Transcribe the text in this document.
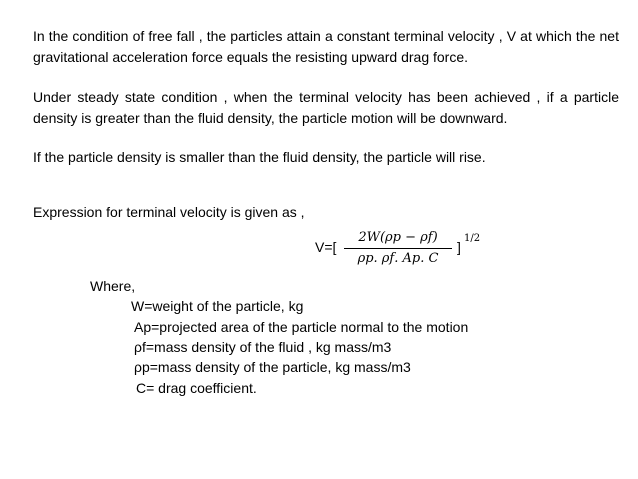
In the condition of free fall , the particles attain a constant terminal velocity , V at which the net gravitational acceleration force equals the resisting upward drag force.

Under steady state condition , when the terminal velocity has been achieved , if a particle density is greater than the fluid density, the particle motion will be downward.

If the particle density is smaller than the fluid density, the particle will rise.

Expression for terminal velocity is given as ,

V=[
2𝑊(𝜌𝑝 − 𝜌𝑓)
𝜌𝑝. 𝜌𝑓. 𝐴𝑝. 𝐶
]
1/2
Where,
W=weight of the particle, kg
Ap=projected area of the particle normal to the motion
ρf=mass density of the fluid , kg mass/m3
ρp=mass density of the particle, kg mass/m3
C= drag coefficient.
